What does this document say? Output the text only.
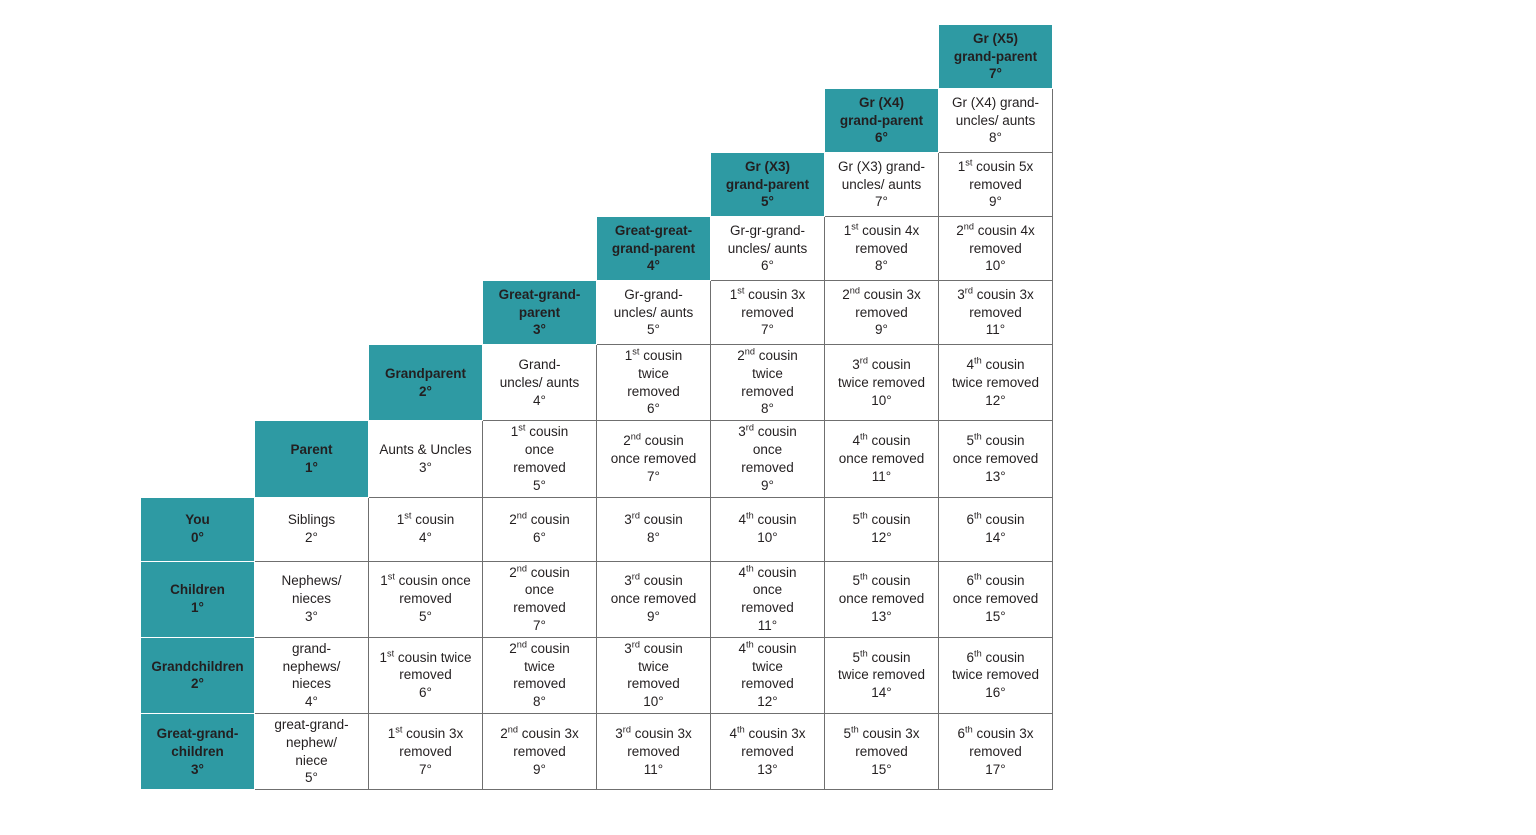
							Gr (X5)
grand-parent
7°

						Gr (X4)
grand-parent
6°	Gr (X4) grand-
uncles/ aunts
8°

					Gr (X3)
grand-parent
5°	Gr (X3) grand-
uncles/ aunts
7°	1st cousin 5x
removed
9°

				Great-great-
grand-parent
4°	Gr-gr-grand-
uncles/ aunts
6°	1st cousin 4x
removed
8°	2nd cousin 4x
removed
10°

			Great-grand-
parent
3°	Gr-grand-
uncles/ aunts
5°	1st cousin 3x
removed
7°	2nd cousin 3x
removed
9°	3rd cousin 3x
removed
11°

		Grandparent
2°	Grand-
uncles/ aunts
4°	1st cousin
twice
removed
6°	2nd cousin
twice
removed
8°	3rd cousin
twice removed
10°	4th cousin
twice removed
12°

	Parent
1°	Aunts & Uncles
3°	1st cousin
once
removed
5°	2nd cousin
once removed
7°	3rd cousin
once
removed
9°	4th cousin
once removed
11°	5th cousin
once removed
13°

You
0°	Siblings
2°	1st cousin
4°	2nd cousin
6°	3rd cousin
8°	4th cousin
10°	5th cousin
12°	6th cousin
14°

Children
1°	Nephews/
nieces
3°	1st cousin once
removed
5°	2nd cousin
once
removed
7°	3rd cousin
once removed
9°	4th cousin
once
removed
11°	5th cousin
once removed
13°	6th cousin
once removed
15°

Grandchildren
2°	grand-
nephews/
nieces
4°	1st cousin twice
removed
6°	2nd cousin
twice
removed
8°	3rd cousin
twice
removed
10°	4th cousin
twice
removed
12°	5th cousin
twice removed
14°	6th cousin
twice removed
16°

Great-grand-
children
3°	great-grand-
nephew/
niece
5°	1st cousin 3x
removed
7°	2nd cousin 3x
removed
9°	3rd cousin 3x
removed
11°	4th cousin 3x
removed
13°	5th cousin 3x
removed
15°	6th cousin 3x
removed
17°
